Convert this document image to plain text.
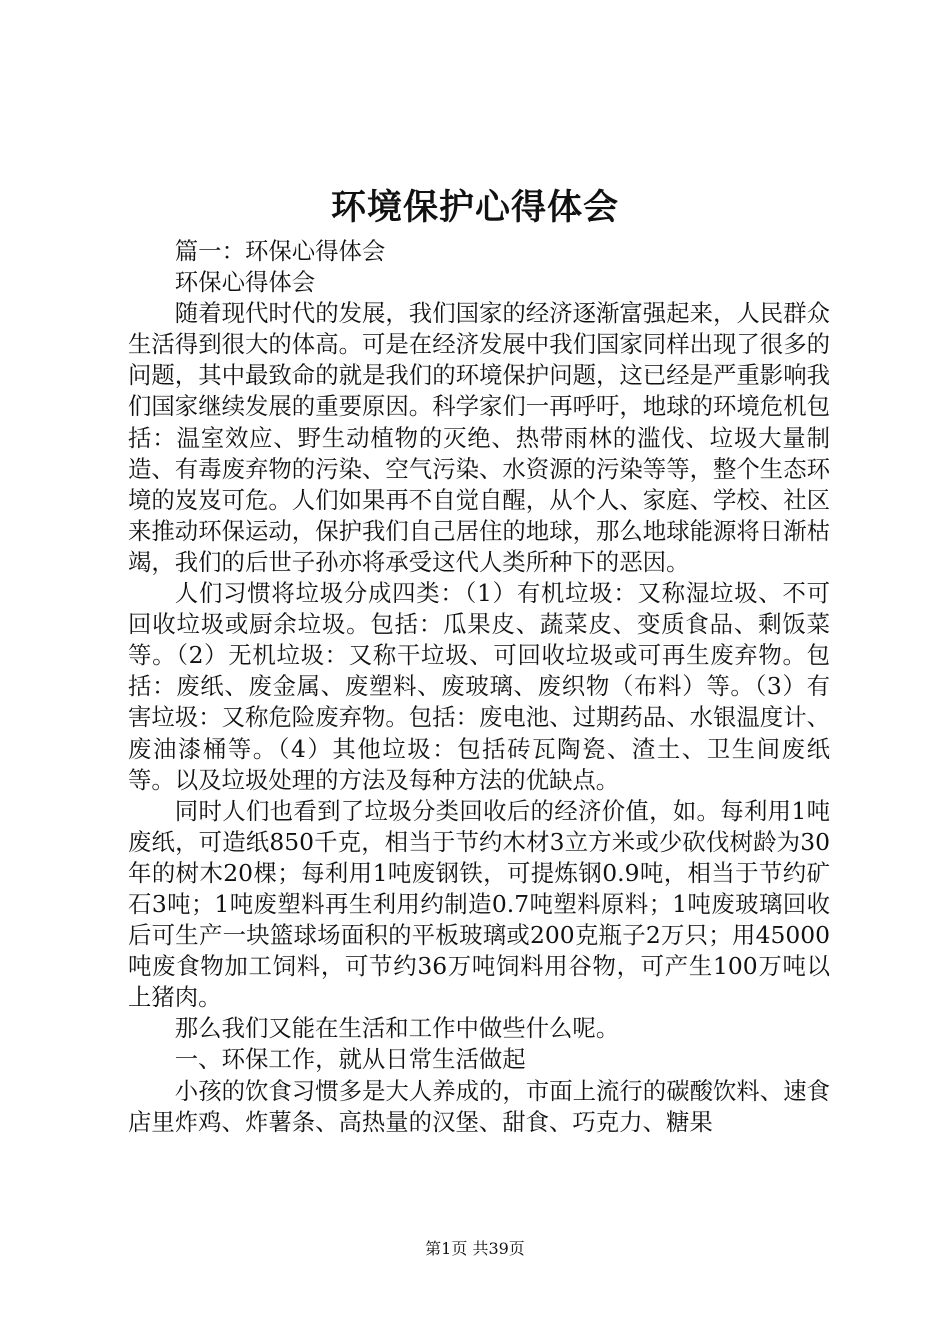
环境保护心得体会

篇一：环保心得体会

环保心得体会

随着现代时代的发展，我们国家的经济逐渐富强起来，人民群众生活得到很大的体高。可是在经济发展中我们国家同样出现了很多的问题，其中最致命的就是我们的环境保护问题，这已经是严重影响我们国家继续发展的重要原因。科学家们一再呼吁，地球的环境危机包括：温室效应、野生动植物的灭绝、热带雨林的滥伐、垃圾大量制造、有毒废弃物的污染、空气污染、水资源的污染等等，整个生态环境的岌岌可危。人们如果再不自觉自醒，从个人、家庭、学校、社区来推动环保运动，保护我们自己居住的地球，那么地球能源将日渐枯竭，我们的后世子孙亦将承受这代人类所种下的恶因。

人们习惯将垃圾分成四类：（1）有机垃圾：又称湿垃圾、不可回收垃圾或厨余垃圾。包括：瓜果皮、蔬菜皮、变质食品、剩饭菜等。（2）无机垃圾：又称干垃圾、可回收垃圾或可再生废弃物。包括：废纸、废金属、废塑料、废玻璃、废织物（布料）等。（3）有害垃圾：又称危险废弃物。包括：废电池、过期药品、水银温度计、废油漆桶等。（4）其他垃圾：包括砖瓦陶瓷、渣土、卫生间废纸等。以及垃圾处理的方法及每种方法的优缺点。

同时人们也看到了垃圾分类回收后的经济价值，如。每利用1吨废纸，可造纸850千克，相当于节约木材3立方米或少砍伐树龄为30年的树木20棵；每利用1吨废钢铁，可提炼钢0.9吨，相当于节约矿石3吨；1吨废塑料再生利用约制造0.7吨塑料原料；1吨废玻璃回收后可生产一块篮球场面积的平板玻璃或200克瓶子2万只；用45000吨废食物加工饲料，可节约36万吨饲料用谷物，可产生100万吨以上猪肉。

那么我们又能在生活和工作中做些什么呢。

一、环保工作，就从日常生活做起

小孩的饮食习惯多是大人养成的，市面上流行的碳酸饮料、速食店里炸鸡、炸薯条、高热量的汉堡、甜食、巧克力、糖果

第1页 共39页
